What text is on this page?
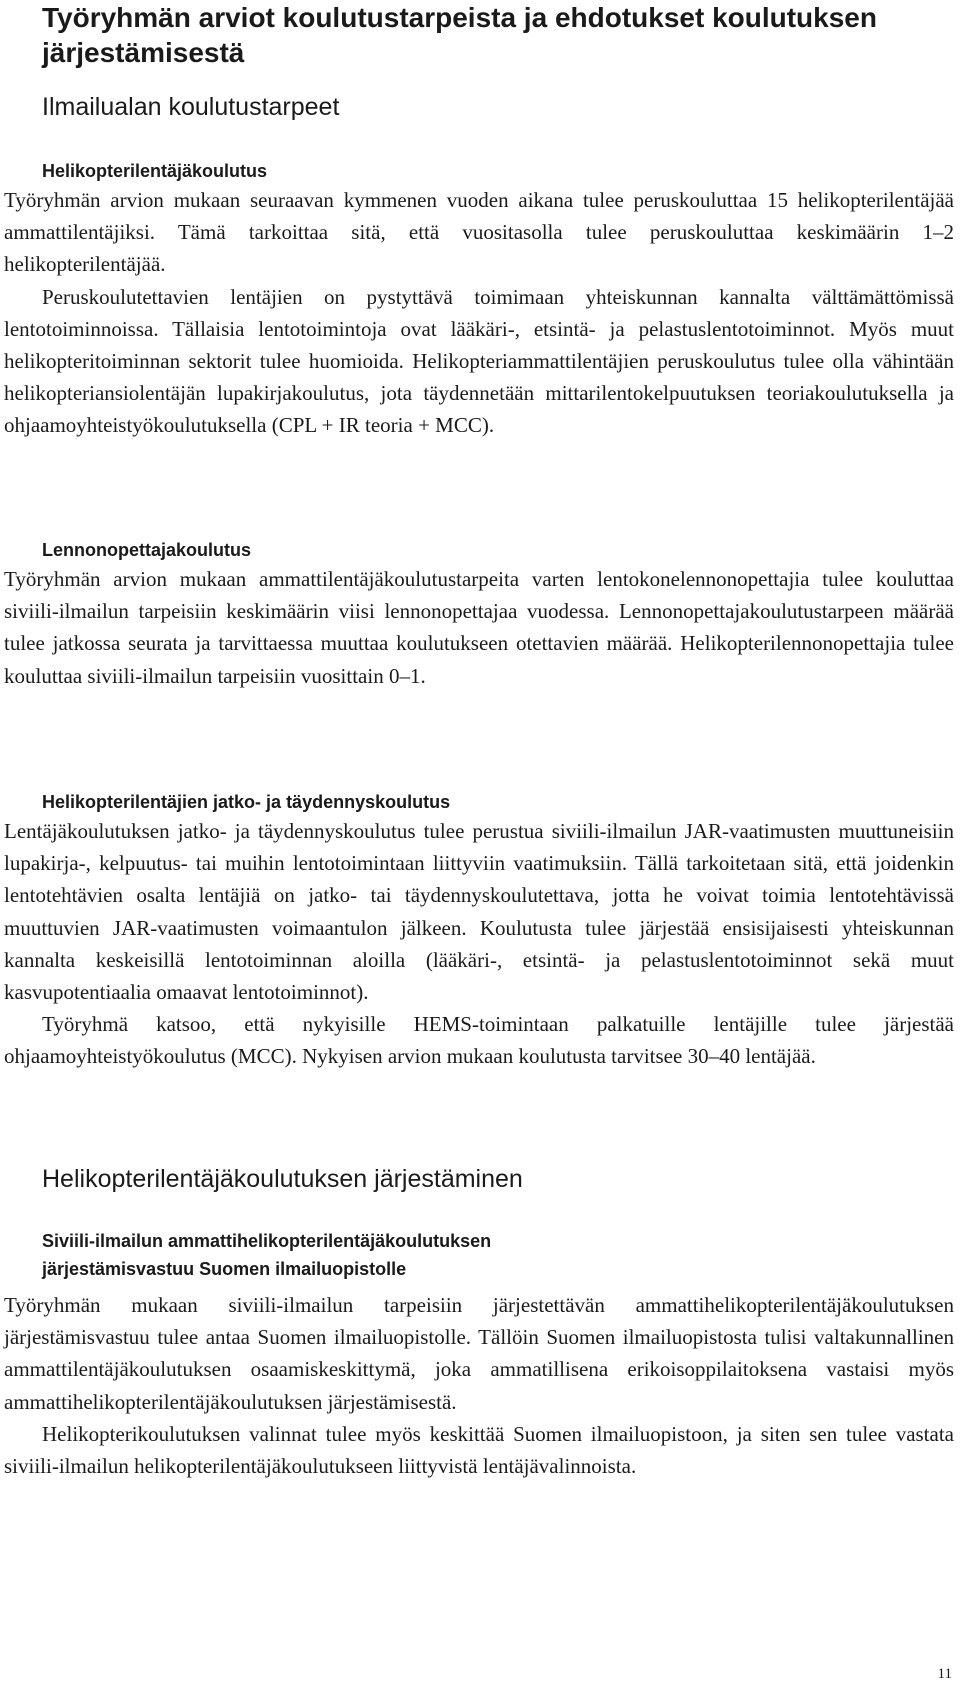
Työryhmän arviot koulutustarpeista ja ehdotukset koulutuksen järjestämisestä
Ilmailualan koulutustarpeet
Helikopterilentäjäkoulutus

Työryhmän arvion mukaan seuraavan kymmenen vuoden aikana tulee peruskouluttaa 15 helikopterilentäjää ammattilentäjiksi. Tämä tarkoittaa sitä, että vuositasolla tulee peruskouluttaa keskimäärin 1–2 helikopterilentäjää.

Peruskoulutettavien lentäjien on pystyttävä toimimaan yhteiskunnan kannalta välttämättömissä lentotoiminnoissa. Tällaisia lentotoimintoja ovat lääkäri-, etsintä- ja pelastuslentotoiminnot. Myös muut helikopteritoiminnan sektorit tulee huomioida. Helikopteriammattilentäjien peruskoulutus tulee olla vähintään helikopteriansiolentäjän lupakirjakoulutus, jota täydennetään mittarilentokelpuutuksen teoriakoulutuksella ja ohjaamoyhteistyökoulutuksella (CPL + IR teoria + MCC).

Lennonopettajakoulutus

Työryhmän arvion mukaan ammattilentäjäkoulutustarpeita varten lentokonelennonopettajia tulee kouluttaa siviili-ilmailun tarpeisiin keskimäärin viisi lennonopettajaa vuodessa. Lennonopettajakoulutustarpeen määrää tulee jatkossa seurata ja tarvittaessa muuttaa koulutukseen otettavien määrää. Helikopterilennonopettajia tulee kouluttaa siviili-ilmailun tarpeisiin vuosittain 0–1.

Helikopterilentäjien jatko- ja täydennyskoulutus

Lentäjäkoulutuksen jatko- ja täydennyskoulutus tulee perustua siviili-ilmailun JAR-vaatimusten muuttuneisiin lupakirja-, kelpuutus- tai muihin lentotoimintaan liittyviin vaatimuksiin. Tällä tarkoitetaan sitä, että joidenkin lentotehtävien osalta lentäjiä on jatko- tai täydennyskoulutettava, jotta he voivat toimia lentotehtävissä muuttuvien JAR-vaatimusten voimaantulon jälkeen. Koulutusta tulee järjestää ensisijaisesti yhteiskunnan kannalta keskeisillä lentotoiminnan aloilla (lääkäri-, etsintä- ja pelastuslentotoiminnot sekä muut kasvupotentiaalia omaavat lentotoiminnot).

Työryhmä katsoo, että nykyisille HEMS-toimintaan palkatuille lentäjille tulee järjestää ohjaamoyhteistyökoulutus (MCC). Nykyisen arvion mukaan koulutusta tarvitsee 30–40 lentäjää.

Helikopterilentäjäkoulutuksen järjestäminen
Siviili-ilmailun ammattihelikopterilentäjäkoulutuksen
järjestämisvastuu Suomen ilmailuopistolle

Työryhmän mukaan siviili-ilmailun tarpeisiin järjestettävän ammattihelikopterilentäjäkoulutuksen järjestämisvastuu tulee antaa Suomen ilmailuopistolle. Tällöin Suomen ilmailuopistosta tulisi valtakunnallinen ammattilentäjäkoulutuksen osaamiskeskittymä, joka ammatillisena erikoisoppilaitoksena vastaisi myös ammattihelikopterilentäjäkoulutuksen järjestämisestä.

Helikopterikoulutuksen valinnat tulee myös keskittää Suomen ilmailuopistoon, ja siten sen tulee vastata siviili-ilmailun helikopterilentäjäkoulutukseen liittyvistä lentäjävalinnoista.

11
